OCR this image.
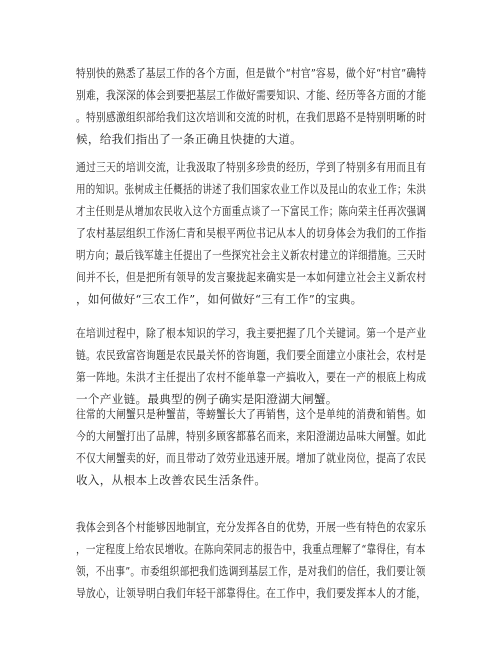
特别快的熟悉了基层工作的各个方面，但是做个“村官”容易，做个好“村官”确特
别难，我深深的体会到要把基层工作做好需要知识、才能、经历等各方面的才能
。特别感激组织部给我们这次培训和交流的时机，在我们思路不是特别明晰的时
候，给我们指出了一条正确且快捷的大道。
通过三天的培训交流，让我汲取了特别多珍贵的经历，学到了特别多有用而且有
用的知识。张树成主任概括的讲述了我们国家农业工作以及昆山的农业工作；朱洪
才主任则是从增加农民收入这个方面重点谈了一下富民工作；陈向荣主任再次强调
了农村基层组织工作汤仁青和吴根平两位书记从本人的切身体会为我们的工作指
明方向；最后钱军雄主任提出了一些探究社会主义新农村建立的详细措施。三天时
间并不长，但是把所有领导的发言聚拢起来确实是一本如何建立社会主义新农村
，如何做好“三农工作”，如何做好“三有工作”的宝典。
在培训过程中，除了根本知识的学习，我主要把握了几个关键词。第一个是产业
链。农民致富咨询题是农民最关怀的咨询题，我们要全面建立小康社会，农村是
第一阵地。朱洪才主任提出了农村不能单靠一产搞收入，要在一产的根底上构成
一个产业链。最典型的例子确实是阳澄湖大闸蟹。
往常的大闸蟹只是种蟹苗，等螃蟹长大了再销售，这个是单纯的消费和销售。如
今的大闸蟹打出了品牌，特别多顾客都慕名而来，来阳澄湖边品味大闸蟹。如此
不仅大闸蟹卖的好，而且带动了效劳业迅速开展。增加了就业岗位，提高了农民
收入，从根本上改善农民生活条件。
我体会到各个村能够因地制宜，充分发挥各自的优势，开展一些有特色的农家乐
，一定程度上给农民增收。在陈向荣同志的报告中，我重点理解了“靠得住，有本
领，不出事”。市委组织部把我们选调到基层工作，是对我们的信任，我们要让领
导放心，让领导明白我们年轻干部靠得住。在工作中，我们要发挥本人的才能，
